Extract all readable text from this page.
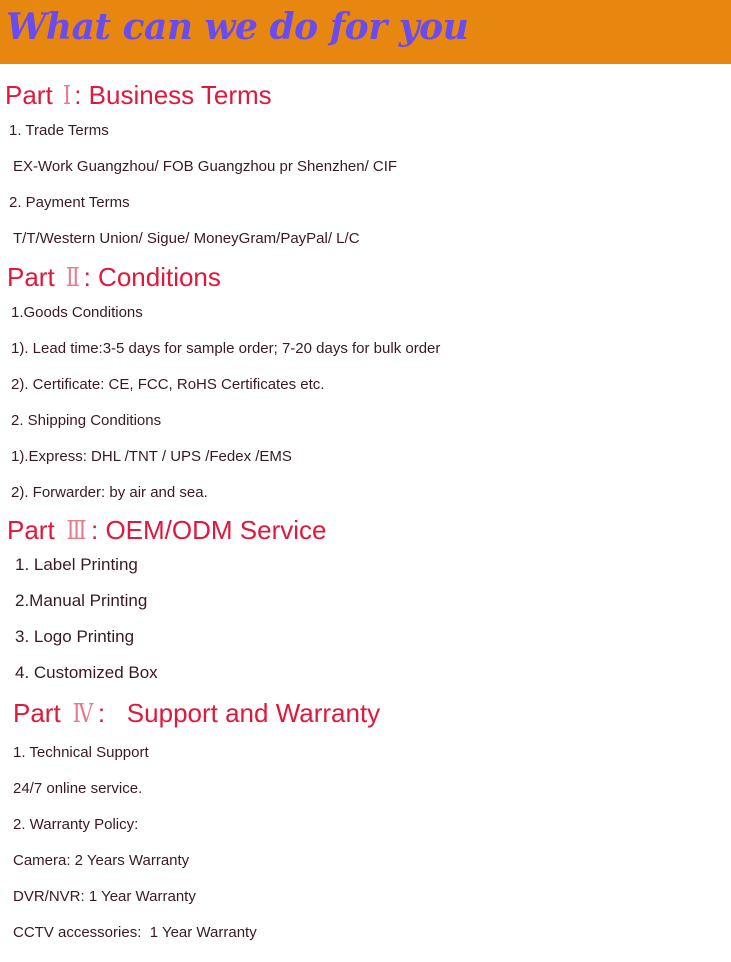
What can we do for you
Part Ⅰ : Business Terms
1. Trade Terms
EX-Work Guangzhou/ FOB Guangzhou pr Shenzhen/ CIF
2. Payment Terms
T/T/Western Union/ Sigue/ MoneyGram/PayPal/ L/C
Part Ⅱ : Conditions
1.Goods Conditions
1). Lead time:3-5 days for sample order; 7-20 days for bulk order
2). Certificate: CE, FCC, RoHS Certificates etc.
2. Shipping Conditions
1).Express: DHL /TNT / UPS /Fedex /EMS
2). Forwarder: by air and sea.
Part Ⅲ : OEM/ODM Service
1. Label Printing
2.Manual Printing
3. Logo Printing
4. Customized Box
Part Ⅳ :   Support and Warranty
1. Technical Support
24/7 online service.
2. Warranty Policy:
Camera: 2 Years Warranty
DVR/NVR: 1 Year Warranty
CCTV accessories:  1 Year Warranty
